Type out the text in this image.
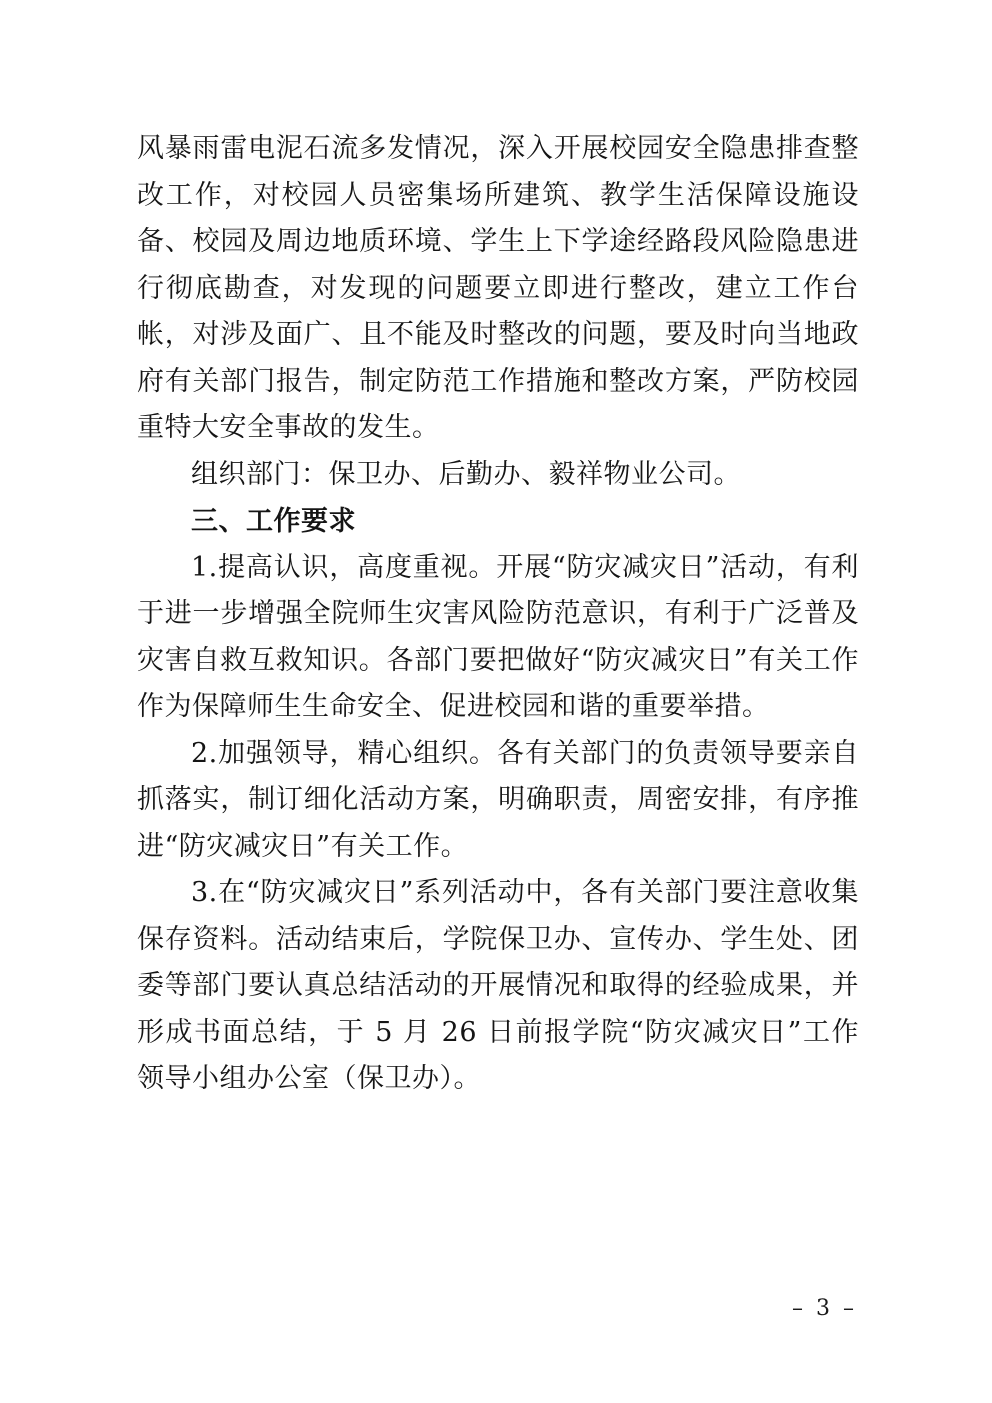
风暴雨雷电泥石流多发情况，深入开展校园安全隐患排查整改工作，对校园人员密集场所建筑、教学生活保障设施设备、校园及周边地质环境、学生上下学途经路段风险隐患进行彻底勘查，对发现的问题要立即进行整改，建立工作台帐，对涉及面广、且不能及时整改的问题，要及时向当地政府有关部门报告，制定防范工作措施和整改方案，严防校园重特大安全事故的发生。

组织部门：保卫办、后勤办、毅祥物业公司。

三、工作要求

1.提高认识，高度重视。开展“防灾减灾日”活动，有利于进一步增强全院师生灾害风险防范意识，有利于广泛普及灾害自救互救知识。各部门要把做好“防灾减灾日”有关工作作为保障师生生命安全、促进校园和谐的重要举措。

2.加强领导，精心组织。各有关部门的负责领导要亲自抓落实，制订细化活动方案，明确职责，周密安排，有序推进“防灾减灾日”有关工作。

3.在“防灾减灾日”系列活动中，各有关部门要注意收集保存资料。活动结束后，学院保卫办、宣传办、学生处、团委等部门要认真总结活动的开展情况和取得的经验成果，并形成书面总结，于 5 月 26 日前报学院“防灾减灾日”工作领导小组办公室（保卫办）。

– 3 –
